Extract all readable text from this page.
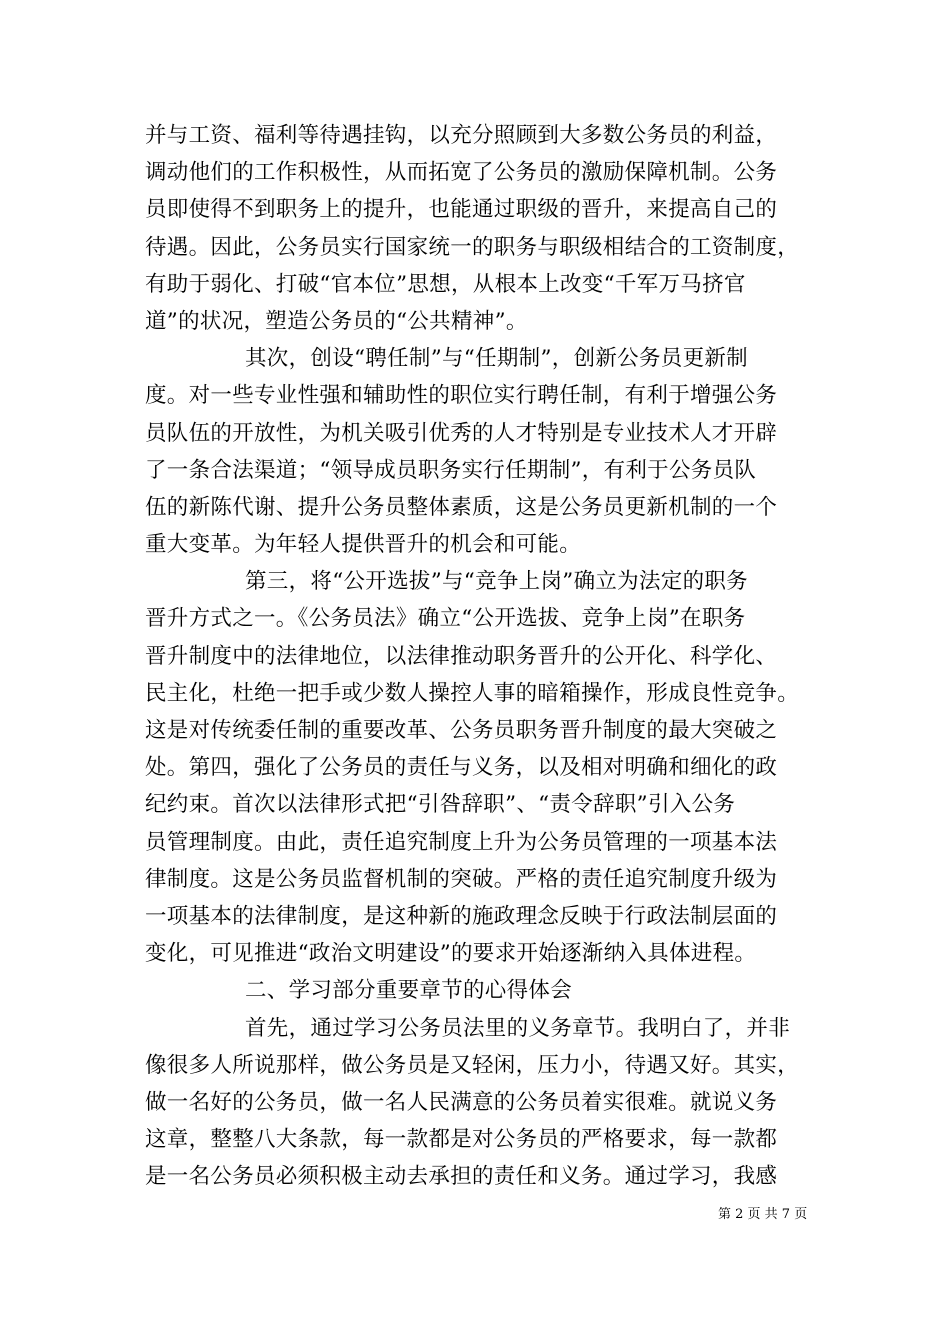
并与工资、福利等待遇挂钩，以充分照顾到大多数公务员的利益，
调动他们的工作积极性，从而拓宽了公务员的激励保障机制。公务
员即使得不到职务上的提升，也能通过职级的晋升，来提高自己的
待遇。因此，公务员实行国家统一的职务与职级相结合的工资制度，
有助于弱化、打破“官本位”思想，从根本上改变“千军万马挤官
道”的状况，塑造公务员的“公共精神”。
其次，创设“聘任制”与“任期制”，创新公务员更新制
度。对一些专业性强和辅助性的职位实行聘任制，有利于增强公务
员队伍的开放性，为机关吸引优秀的人才特别是专业技术人才开辟
了一条合法渠道；“领导成员职务实行任期制”，有利于公务员队
伍的新陈代谢、提升公务员整体素质，这是公务员更新机制的一个
重大变革。为年轻人提供晋升的机会和可能。
第三，将“公开选拔”与“竞争上岗”确立为法定的职务
晋升方式之一。《公务员法》确立“公开选拔、竞争上岗”在职务
晋升制度中的法律地位，以法律推动职务晋升的公开化、科学化、
民主化，杜绝一把手或少数人操控人事的暗箱操作，形成良性竞争。
这是对传统委任制的重要改革、公务员职务晋升制度的最大突破之
处。第四，强化了公务员的责任与义务，以及相对明确和细化的政
纪约束。首次以法律形式把“引咎辞职”、“责令辞职”引入公务
员管理制度。由此，责任追究制度上升为公务员管理的一项基本法
律制度。这是公务员监督机制的突破。严格的责任追究制度升级为
一项基本的法律制度，是这种新的施政理念反映于行政法制层面的
变化，可见推进“政治文明建设”的要求开始逐渐纳入具体进程。
二、学习部分重要章节的心得体会
首先，通过学习公务员法里的义务章节。我明白了，并非
像很多人所说那样，做公务员是又轻闲，压力小，待遇又好。其实，
做一名好的公务员，做一名人民满意的公务员着实很难。就说义务
这章，整整八大条款，每一款都是对公务员的严格要求，每一款都
是一名公务员必须积极主动去承担的责任和义务。通过学习，我感
第 2 页 共 7 页
